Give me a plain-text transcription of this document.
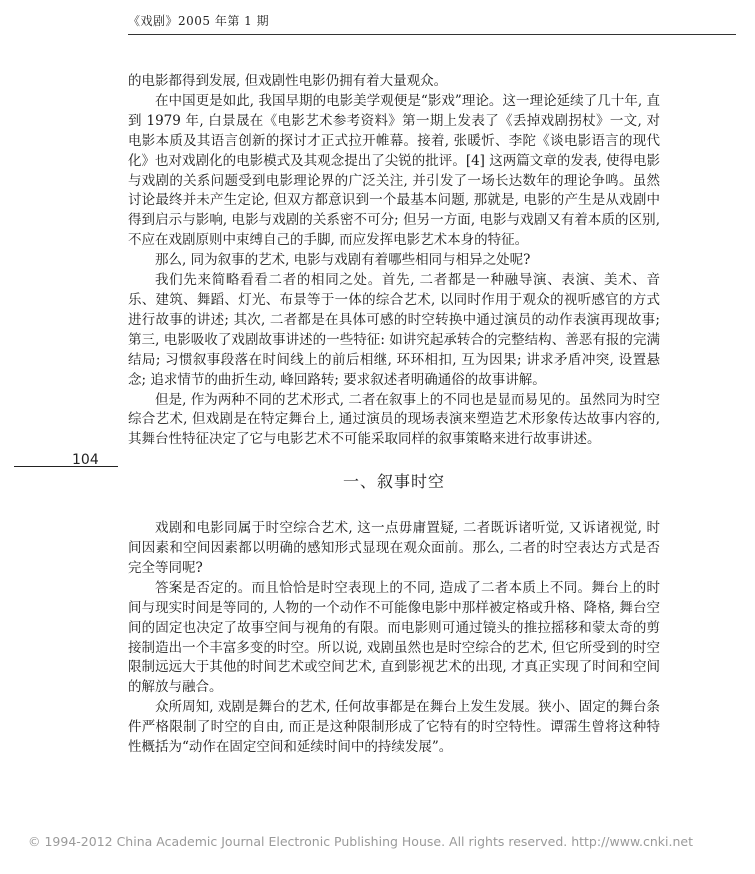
《戏剧》2005 年第 1 期
104

的电影都得到发展, 但戏剧性电影仍拥有着大量观众。

在中国更是如此, 我国早期的电影美学观便是“影戏”理论。这一理论延续了几十年, 直到 1979 年, 白景晟在《电影艺术参考资料》第一期上发表了《丢掉戏剧拐杖》一文, 对电影本质及其语言创新的探讨才正式拉开帷幕。接着, 张暖忻、李陀《谈电影语言的现代化》也对戏剧化的电影模式及其观念提出了尖锐的批评。[4] 这两篇文章的发表, 使得电影与戏剧的关系问题受到电影理论界的广泛关注, 并引发了一场长达数年的理论争鸣。虽然讨论最终并未产生定论, 但双方都意识到一个最基本问题, 那就是, 电影的产生是从戏剧中得到启示与影响, 电影与戏剧的关系密不可分; 但另一方面, 电影与戏剧又有着本质的区别, 不应在戏剧原则中束缚自己的手脚, 而应发挥电影艺术本身的特征。

那么, 同为叙事的艺术, 电影与戏剧有着哪些相同与相异之处呢?

我们先来简略看看二者的相同之处。首先, 二者都是一种融导演、表演、美术、音乐、建筑、舞蹈、灯光、布景等于一体的综合艺术, 以同时作用于观众的视听感官的方式进行故事的讲述; 其次, 二者都是在具体可感的时空转换中通过演员的动作表演再现故事; 第三, 电影吸收了戏剧故事讲述的一些特征: 如讲究起承转合的完整结构、善恶有报的完满结局; 习惯叙事段落在时间线上的前后相继, 环环相扣, 互为因果; 讲求矛盾冲突, 设置悬念; 追求情节的曲折生动, 峰回路转; 要求叙述者明确通俗的故事讲解。

但是, 作为两种不同的艺术形式, 二者在叙事上的不同也是显而易见的。虽然同为时空综合艺术, 但戏剧是在特定舞台上, 通过演员的现场表演来塑造艺术形象传达故事内容的, 其舞台性特征决定了它与电影艺术不可能采取同样的叙事策略来进行故事讲述。

一、叙事时空

戏剧和电影同属于时空综合艺术, 这一点毋庸置疑, 二者既诉诸听觉, 又诉诸视觉, 时间因素和空间因素都以明确的感知形式显现在观众面前。那么, 二者的时空表达方式是否完全等同呢?

答案是否定的。而且恰恰是时空表现上的不同, 造成了二者本质上不同。舞台上的时间与现实时间是等同的, 人物的一个动作不可能像电影中那样被定格或升格、降格, 舞台空间的固定也决定了故事空间与视角的有限。而电影则可通过镜头的推拉摇移和蒙太奇的剪接制造出一个丰富多变的时空。所以说, 戏剧虽然也是时空综合的艺术, 但它所受到的时空限制远远大于其他的时间艺术或空间艺术, 直到影视艺术的出现, 才真正实现了时间和空间的解放与融合。

众所周知, 戏剧是舞台的艺术, 任何故事都是在舞台上发生发展。狭小、固定的舞台条件严格限制了时空的自由, 而正是这种限制形成了它特有的时空特性。谭霈生曾将这种特性概括为“动作在固定空间和延续时间中的持续发展”。

© 1994-2012 China Academic Journal Electronic Publishing House. All rights reserved. http://www.cnki.net
